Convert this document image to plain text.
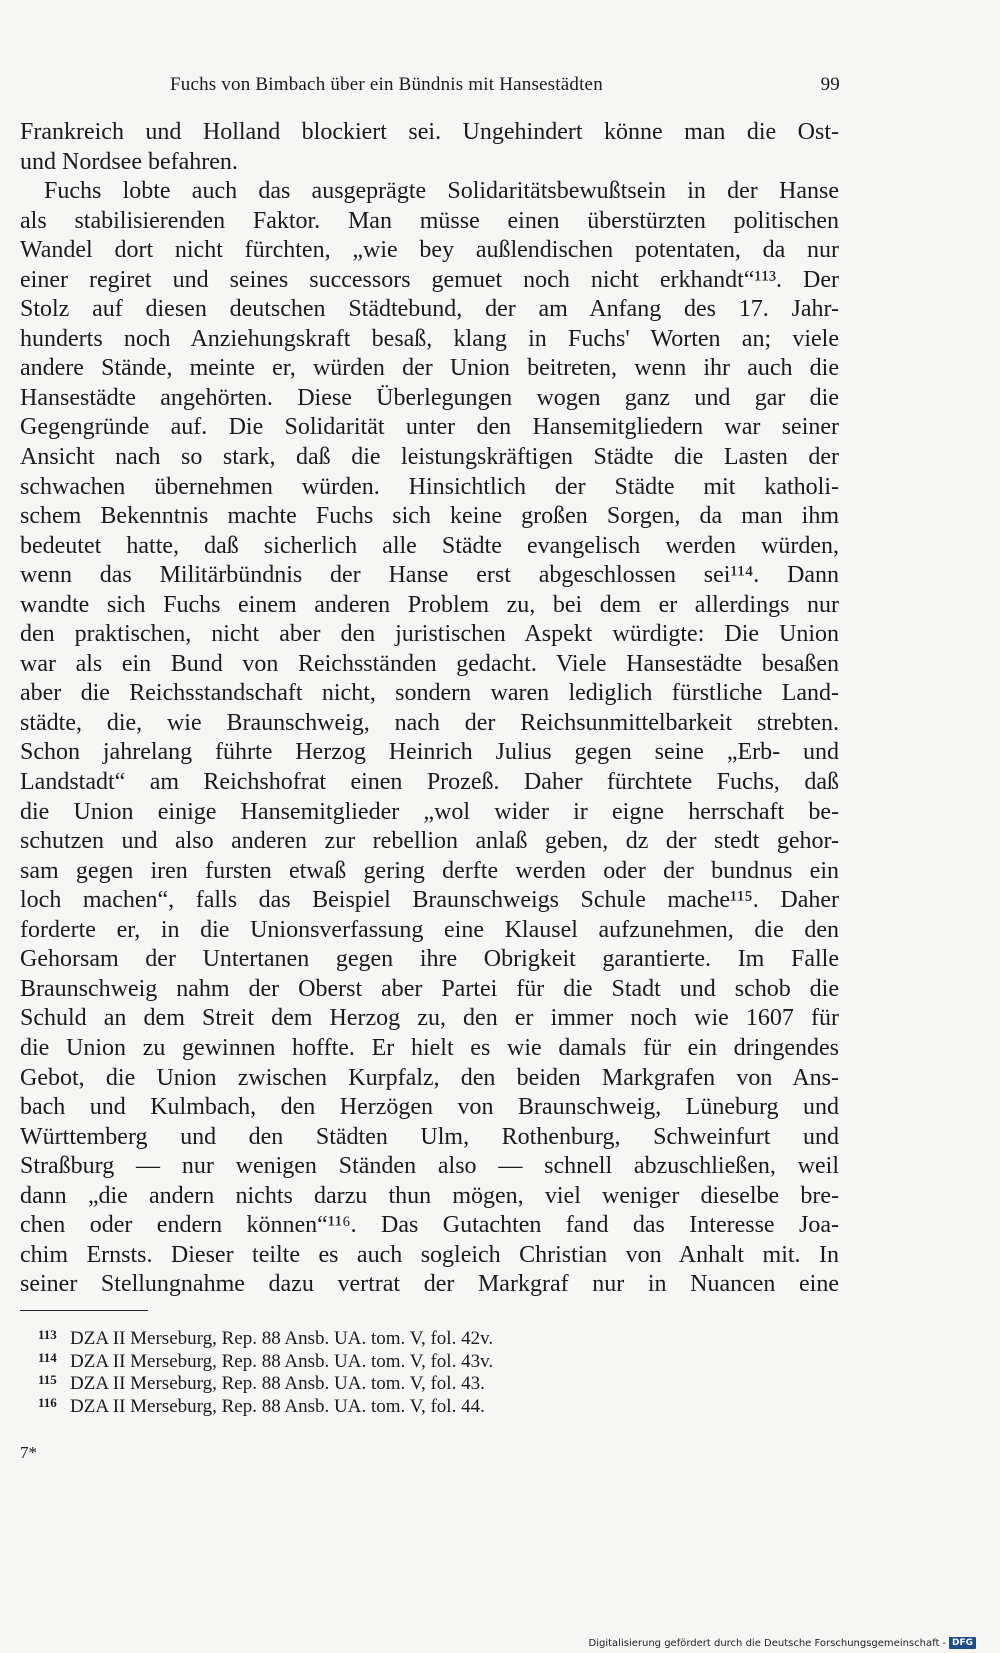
Fuchs von Bimbach über ein Bündnis mit Hansestädten	99
Frankreich und Holland blockiert sei. Ungehindert könne man die Ost-
und Nordsee befahren.
Fuchs lobte auch das ausgeprägte Solidaritätsbewußtsein in der Hanse
als stabilisierenden Faktor. Man müsse einen überstürzten politischen
Wandel dort nicht fürchten, „wie bey außlendischen potentaten, da nur
einer regiret und seines successors gemuet noch nicht erkhandt“¹¹³. Der
Stolz auf diesen deutschen Städtebund, der am Anfang des 17. Jahr-
hunderts noch Anziehungskraft besaß, klang in Fuchs' Worten an; viele
andere Stände, meinte er, würden der Union beitreten, wenn ihr auch die
Hansestädte angehörten. Diese Überlegungen wogen ganz und gar die
Gegengründe auf. Die Solidarität unter den Hansemitgliedern war seiner
Ansicht nach so stark, daß die leistungskräftigen Städte die Lasten der
schwachen übernehmen würden. Hinsichtlich der Städte mit katholi-
schem Bekenntnis machte Fuchs sich keine großen Sorgen, da man ihm
bedeutet hatte, daß sicherlich alle Städte evangelisch werden würden,
wenn das Militärbündnis der Hanse erst abgeschlossen sei¹¹⁴. Dann
wandte sich Fuchs einem anderen Problem zu, bei dem er allerdings nur
den praktischen, nicht aber den juristischen Aspekt würdigte: Die Union
war als ein Bund von Reichsständen gedacht. Viele Hansestädte besaßen
aber die Reichsstandschaft nicht, sondern waren lediglich fürstliche Land-
städte, die, wie Braunschweig, nach der Reichsunmittelbarkeit strebten.
Schon jahrelang führte Herzog Heinrich Julius gegen seine „Erb- und
Landstadt“ am Reichshofrat einen Prozeß. Daher fürchtete Fuchs, daß
die Union einige Hansemitglieder „wol wider ir eigne herrschaft be-
schutzen und also anderen zur rebellion anlaß geben, dz der stedt gehor-
sam gegen iren fursten etwaß gering derfte werden oder der bundnus ein
loch machen“, falls das Beispiel Braunschweigs Schule mache¹¹⁵. Daher
forderte er, in die Unionsverfassung eine Klausel aufzunehmen, die den
Gehorsam der Untertanen gegen ihre Obrigkeit garantierte. Im Falle
Braunschweig nahm der Oberst aber Partei für die Stadt und schob die
Schuld an dem Streit dem Herzog zu, den er immer noch wie 1607 für
die Union zu gewinnen hoffte. Er hielt es wie damals für ein dringendes
Gebot, die Union zwischen Kurpfalz, den beiden Markgrafen von Ans-
bach und Kulmbach, den Herzögen von Braunschweig, Lüneburg und
Württemberg und den Städten Ulm, Rothenburg, Schweinfurt und
Straßburg — nur wenigen Ständen also — schnell abzuschließen, weil
dann „die andern nichts darzu thun mögen, viel weniger dieselbe bre-
chen oder endern können“¹¹⁶. Das Gutachten fand das Interesse Joa-
chim Ernsts. Dieser teilte es auch sogleich Christian von Anhalt mit. In
seiner Stellungnahme dazu vertrat der Markgraf nur in Nuancen eine
113 DZA II Merseburg, Rep. 88 Ansb. UA. tom. V, fol. 42v.
114 DZA II Merseburg, Rep. 88 Ansb. UA. tom. V, fol. 43v.
115 DZA II Merseburg, Rep. 88 Ansb. UA. tom. V, fol. 43.
116 DZA II Merseburg, Rep. 88 Ansb. UA. tom. V, fol. 44.
7*
Digitalisierung gefördert durch die Deutsche Forschungsgemeinschaft - DFG
